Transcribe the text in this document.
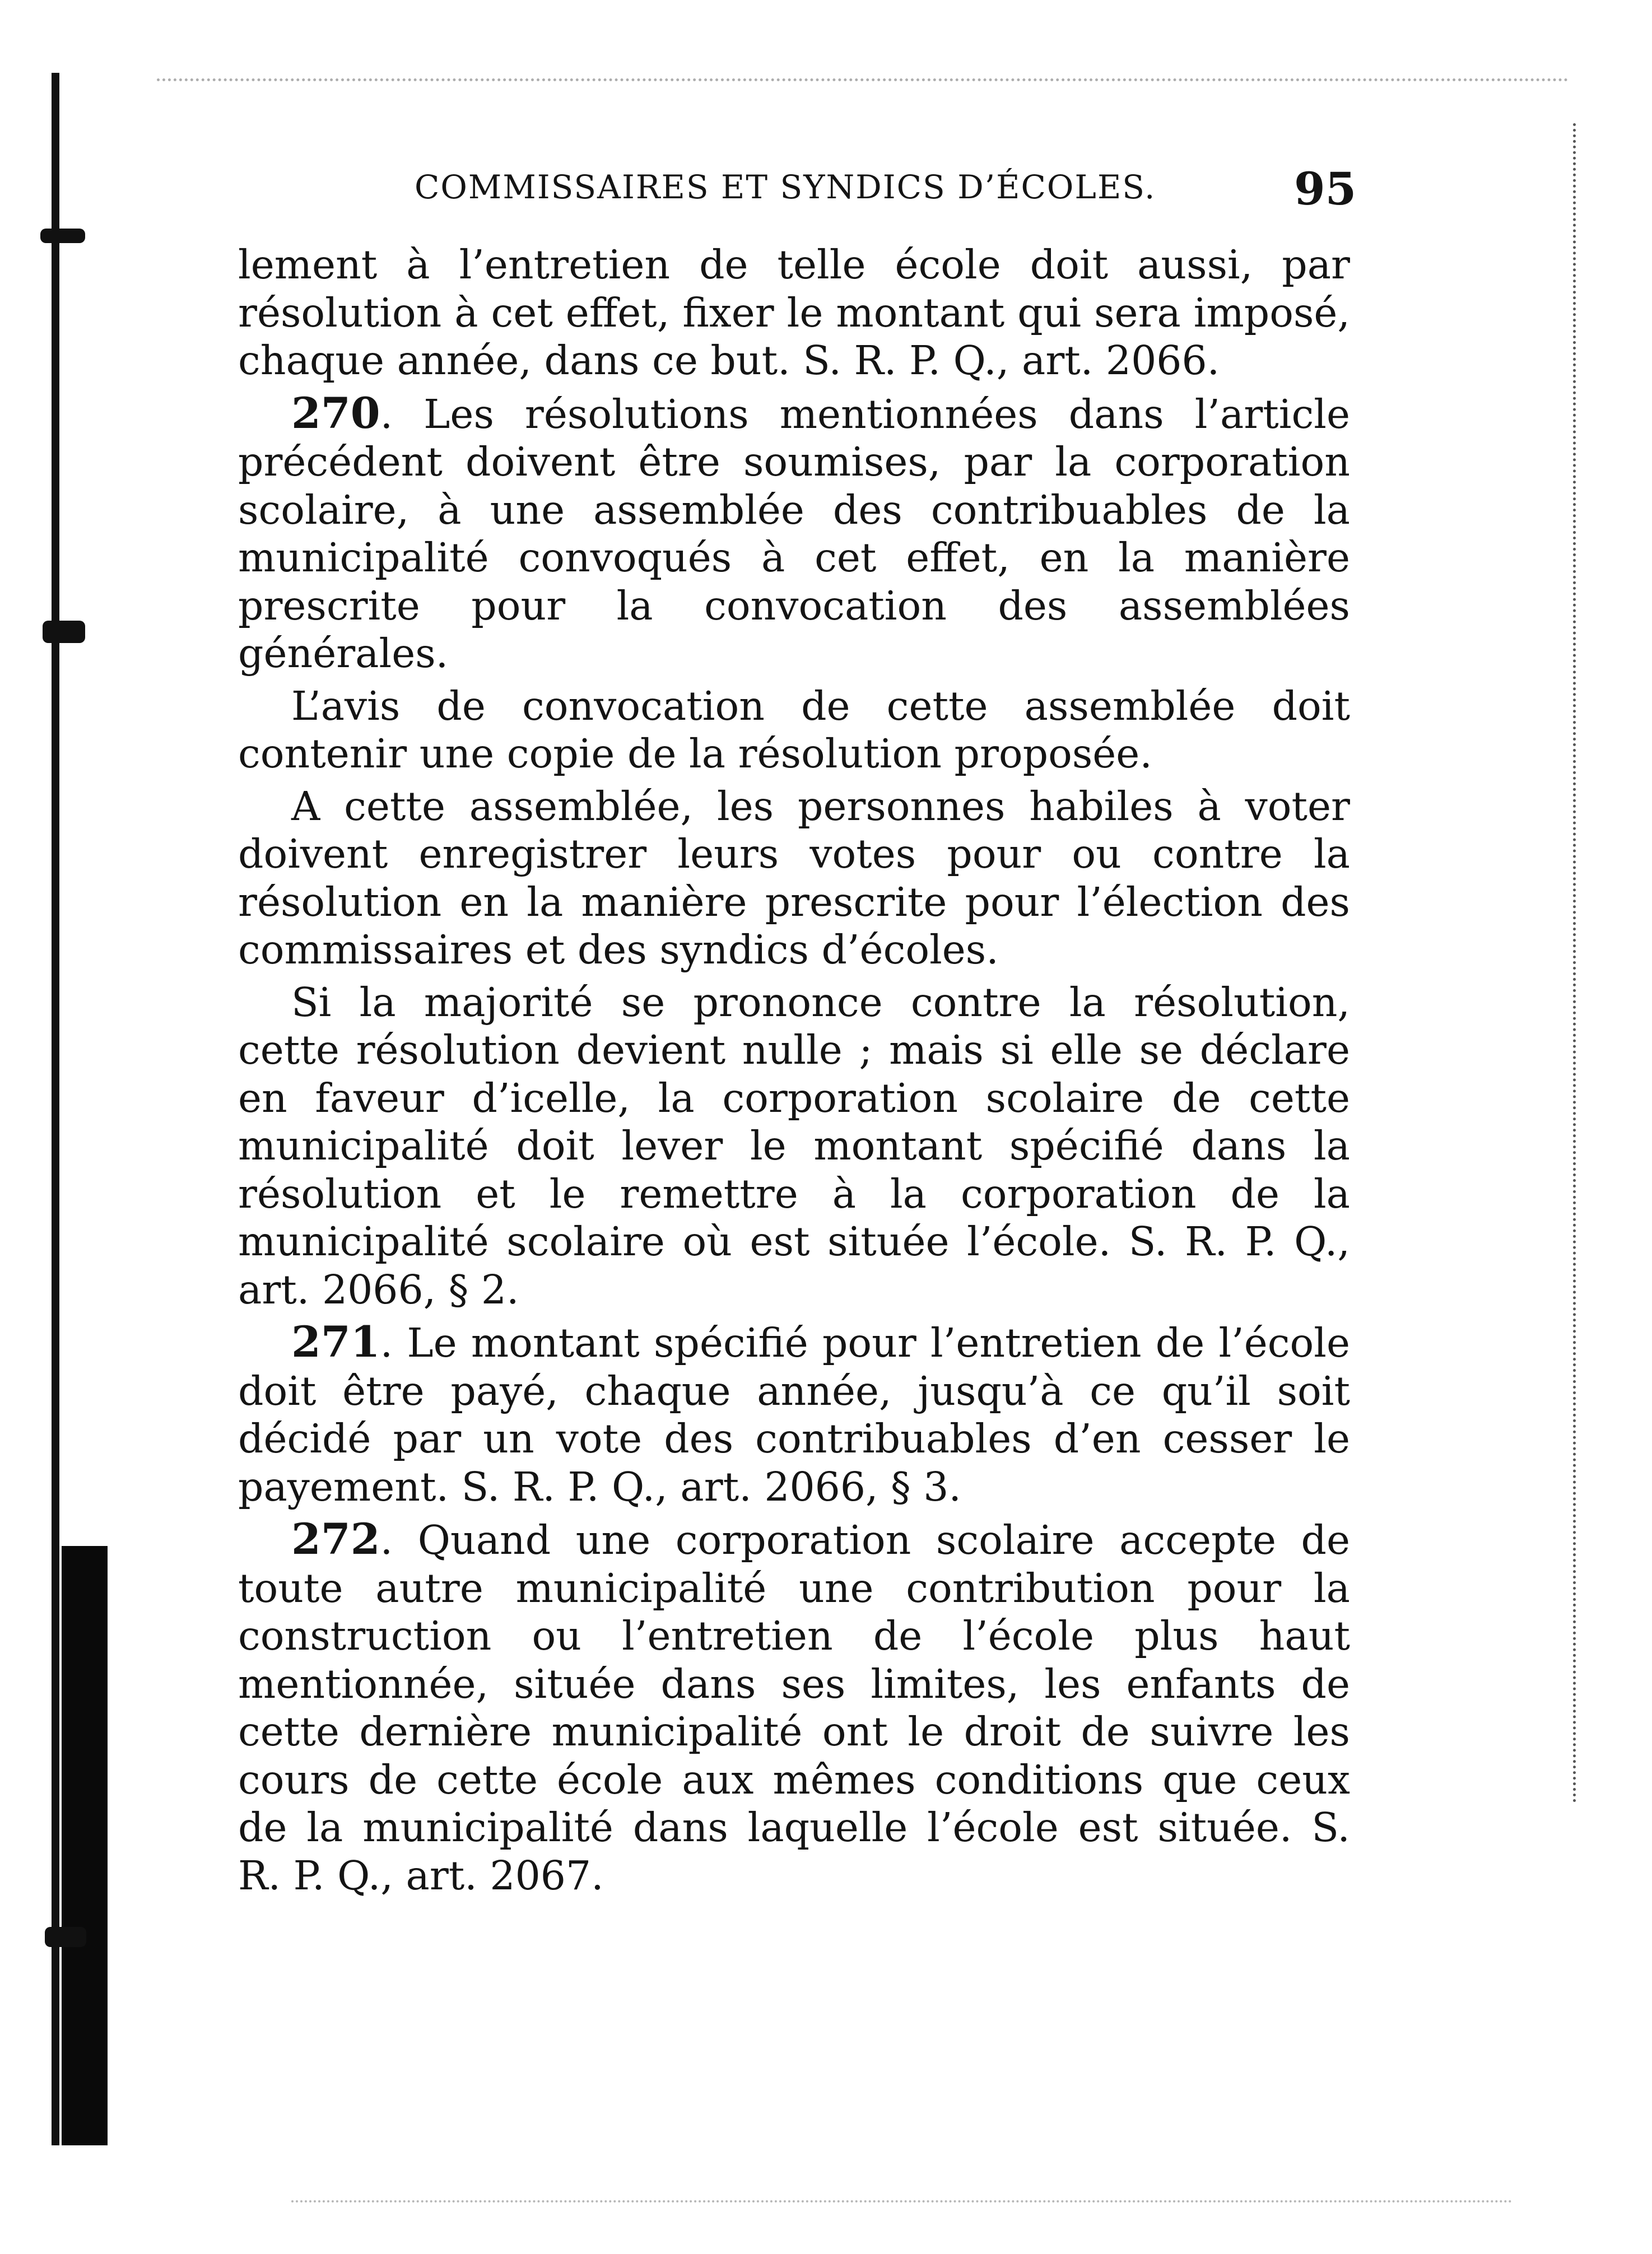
COMMISSAIRES ET SYNDICS D’ÉCOLES.	95

lement à l’entretien de telle école doit aussi, par résolution à cet effet, fixer le montant qui sera imposé, chaque année, dans ce but. S. R. P. Q., art. 2066.

270. Les résolutions mentionnées dans l’article précédent doivent être soumises, par la corporation scolaire, à une assemblée des contribuables de la municipalité convoqués à cet effet, en la manière prescrite pour la convocation des assemblées générales.

L’avis de convocation de cette assemblée doit contenir une copie de la résolution proposée.

A cette assemblée, les personnes habiles à voter doivent enregistrer leurs votes pour ou contre la résolution en la manière prescrite pour l’élection des commissaires et des syndics d’écoles.

Si la majorité se prononce contre la résolution, cette résolution devient nulle ; mais si elle se déclare en faveur d’icelle, la corporation scolaire de cette municipalité doit lever le montant spécifié dans la résolution et le remettre à la corporation de la municipalité scolaire où est située l’école. S. R. P. Q., art. 2066, § 2.

271. Le montant spécifié pour l’entretien de l’école doit être payé, chaque année, jusqu’à ce qu’il soit décidé par un vote des contribuables d’en cesser le payement. S. R. P. Q., art. 2066, § 3.

272. Quand une corporation scolaire accepte de toute autre municipalité une contribution pour la construction ou l’entretien de l’école plus haut mentionnée, située dans ses limites, les enfants de cette dernière municipalité ont le droit de suivre les cours de cette école aux mêmes conditions que ceux de la municipalité dans laquelle l’école est située. S. R. P. Q., art. 2067.
